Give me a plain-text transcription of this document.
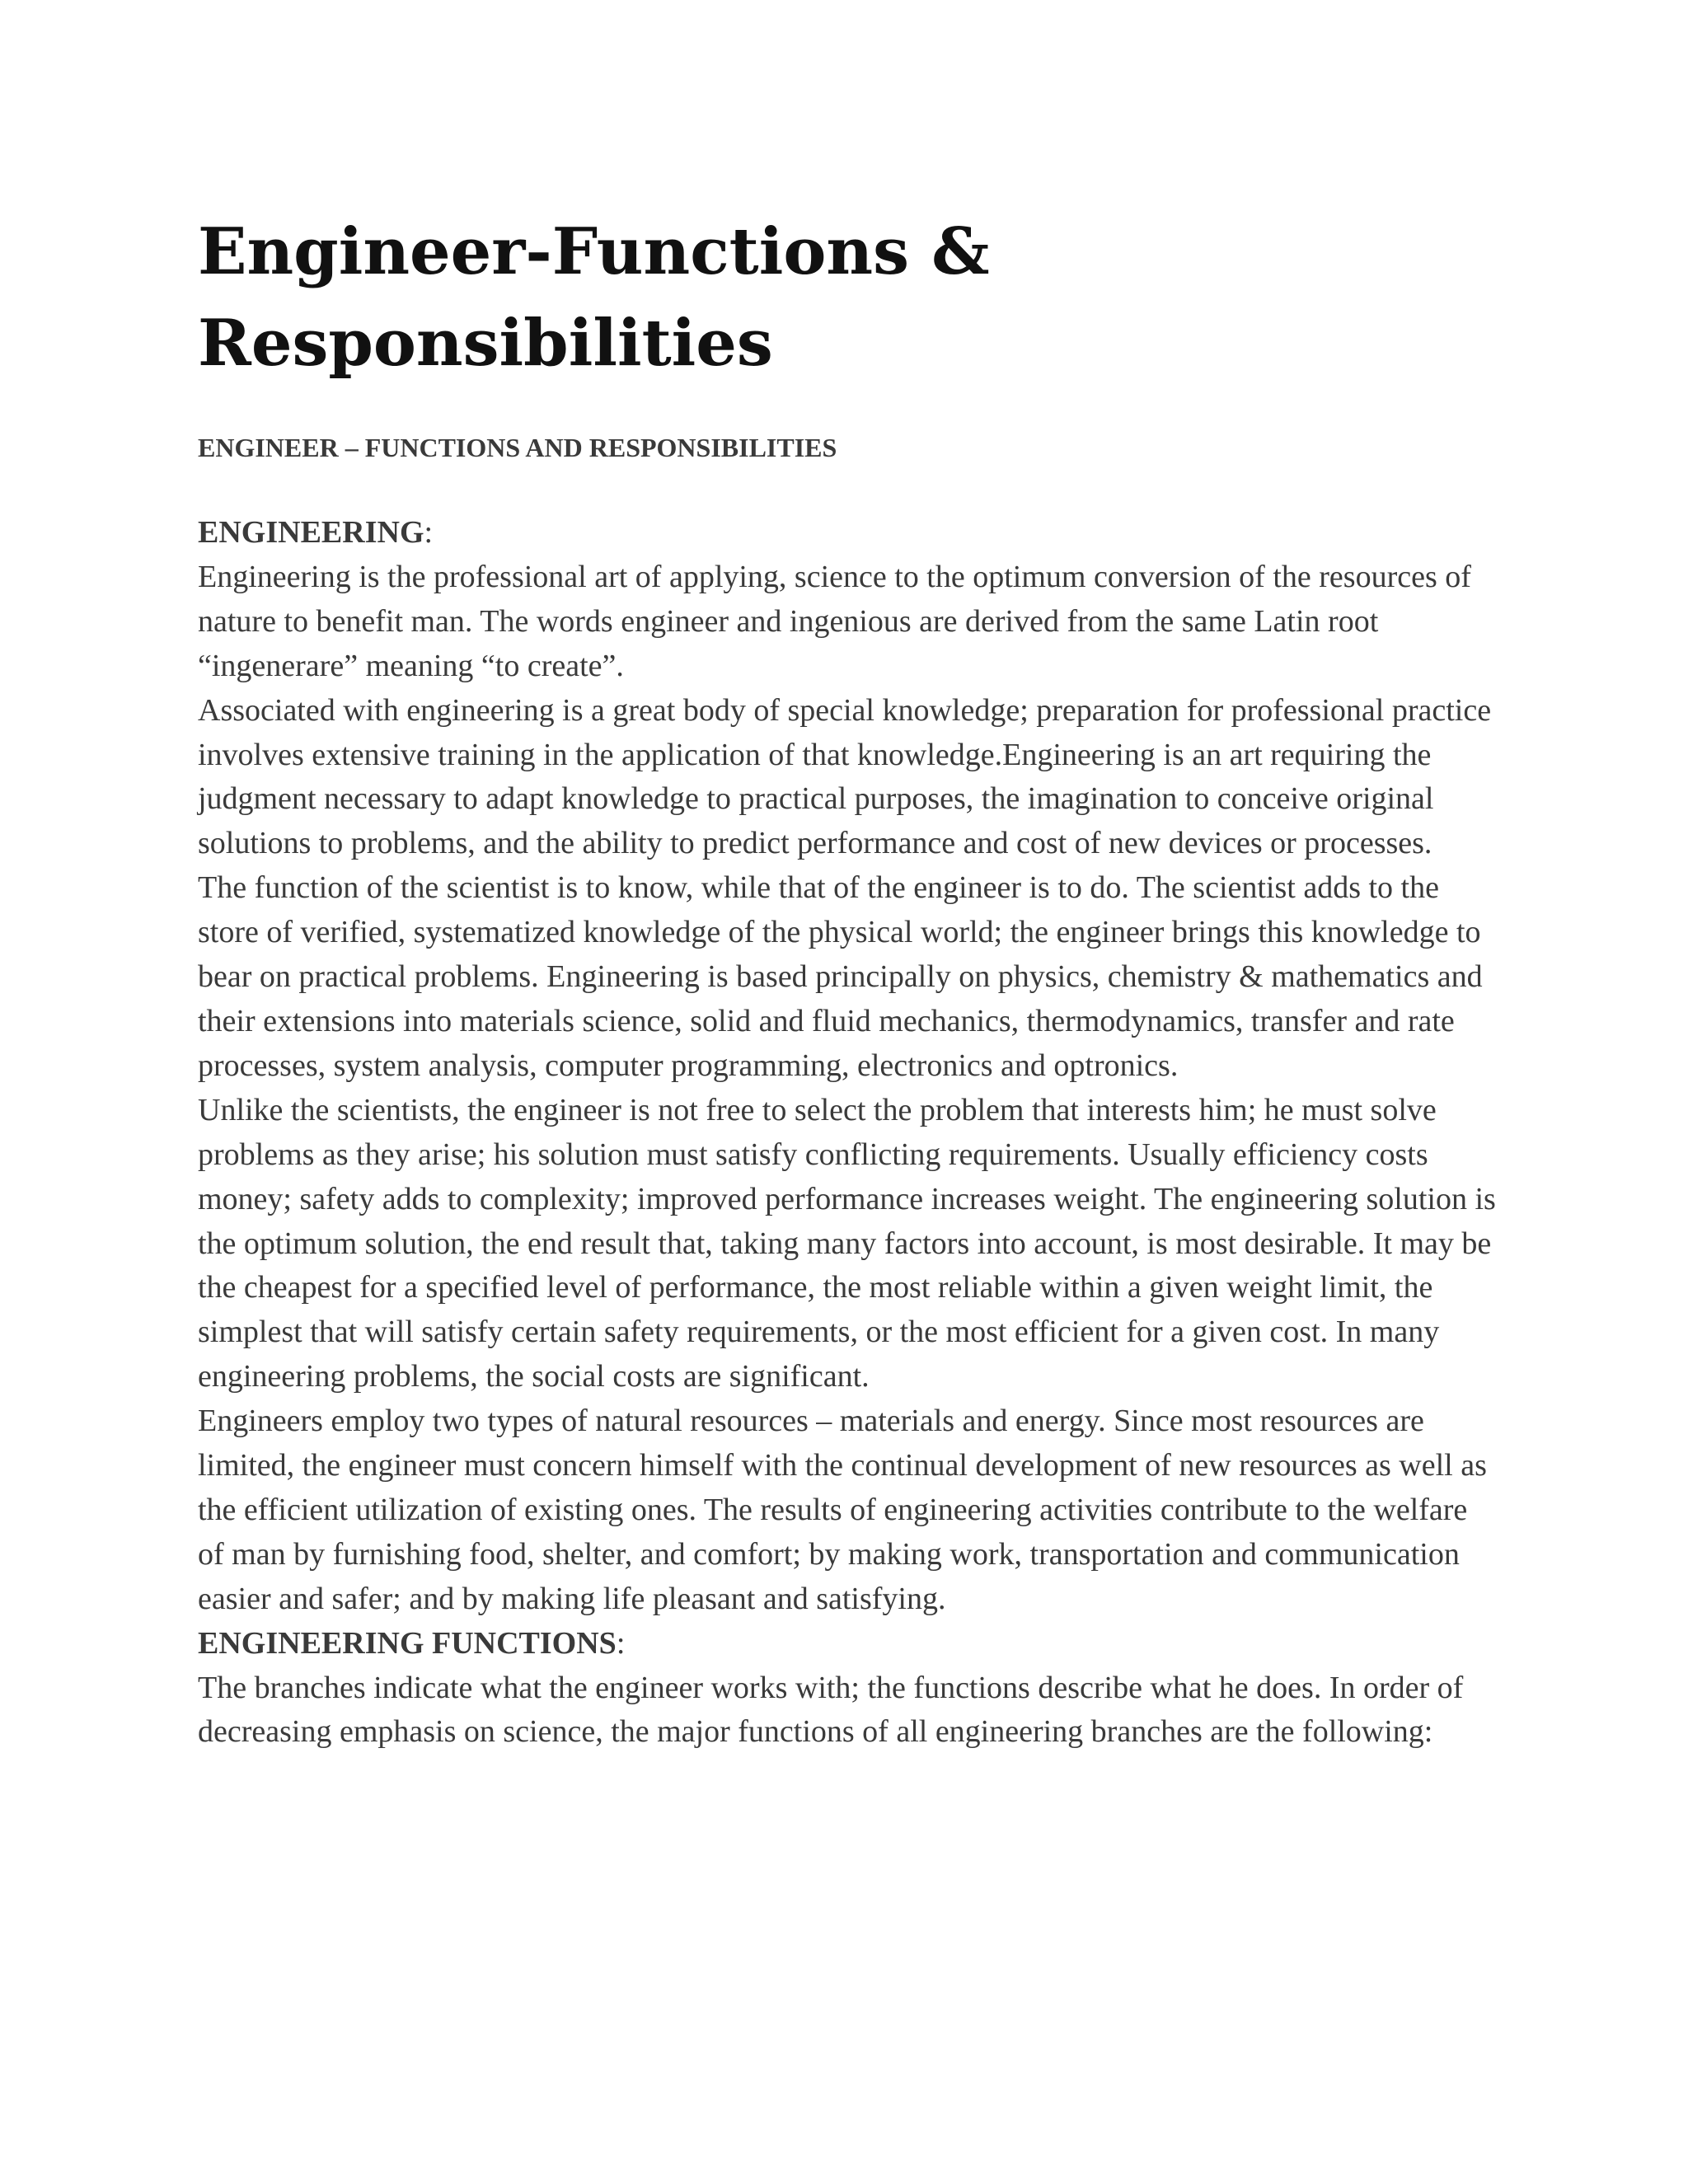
Engineer-Functions &
Responsibilities
ENGINEER – FUNCTIONS AND RESPONSIBILITIES

ENGINEERING:

Engineering is the professional art of applying, science to the optimum conversion of the resources of nature to benefit man. The words engineer and ingenious are derived from the same Latin root “ingenerare” meaning “to create”.

Associated with engineering is a great body of special knowledge; preparation for professional practice involves extensive training in the application of that knowledge.Engineering is an art requiring the judgment necessary to adapt knowledge to practical purposes, the imagination to conceive original solutions to problems, and the ability to predict performance and cost of new devices or processes.

The function of the scientist is to know, while that of the engineer is to do. The scientist adds to the store of verified, systematized knowledge of the physical world; the engineer brings this knowledge to bear on practical problems. Engineering is based principally on physics, chemistry & mathematics and their extensions into materials science, solid and fluid mechanics, thermodynamics, transfer and rate processes, system analysis, computer programming, electronics and optronics.

Unlike the scientists, the engineer is not free to select the problem that interests him; he must solve problems as they arise; his solution must satisfy conflicting requirements. Usually efficiency costs money; safety adds to complexity; improved performance increases weight. The engineering solution is the optimum solution, the end result that, taking many factors into account, is most desirable. It may be the cheapest for a specified level of performance, the most reliable within a given weight limit, the simplest that will satisfy certain safety requirements, or the most efficient for a given cost. In many engineering problems, the social costs are significant.

Engineers employ two types of natural resources – materials and energy. Since most resources are limited, the engineer must concern himself with the continual development of new resources as well as the efficient utilization of existing ones. The results of engineering activities contribute to the welfare of man by furnishing food, shelter, and comfort; by making work, transportation and communication easier and safer; and by making life pleasant and satisfying.

ENGINEERING FUNCTIONS:

The branches indicate what the engineer works with; the functions describe what he does. In order of decreasing emphasis on science, the major functions of all engineering branches are the following:
